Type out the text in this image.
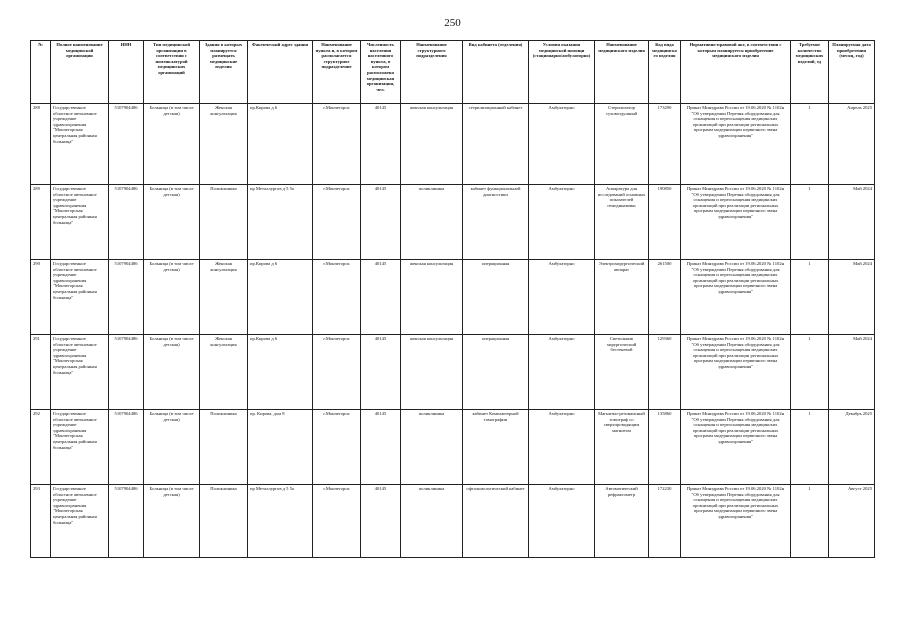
250
№	Полное наименование медицинской организации	ИНН	Тип медицинской организации в соответствии с номенклатурой медицинских организаций	Здания в которых планируется размещать медицинские изделия	Фактический адрес здания	Наименование пункта и, в котором располагается структурное подразделение	Численность населения населенного пункта, в котором расположена медицинская организация, чел.	Наименование структурного подразделения	Вид кабинета (отделения)	Условия оказания медицинской помощи (стационарно/амбулаторно)	Наименование медицинского изделия	Код вида медицинского изделия	Нормативно-правовой акт, в соответствии с которым планируется приобретение медицинского изделия	Требуемое количество медицинских изделий, ед	Планируемая дата приобретения (месяц, год)
288	Государственное областное автономное учреждение здравоохранения "Мончегорская центральная районная больница"	5107904486	Больница (в том числе детская)	Женская консультация	пр.Кирова д 6	г.Мончегорск	40145	женская консультация	стерилизационный кабинет	Амбулаторно	Стерилизатор суховоздушный	173290	Приказ Минздрава России от 19.06.2020 № 1102н "Об утверждении Перечня оборудования для оснащения и переоснащения медицинских организаций при реализации региональных программ модернизации первичного звена здравоохранения"	1	Апрель 2025
289	Государственное областное автономное учреждение здравоохранения "Мончегорская центральная районная больница"	5107904486	Больница (в том числе детская)	Поликлиника	пр Металлургов д 5 5а	г.Мончегорск	40145	поликлиника	кабинет функциональной диагностики	Амбулаторно	Аппаратура для исследований основных показателей гемодинамики	190850	Приказ Минздрава России от 19.06.2020 № 1102н "Об утверждении Перечня оборудования для оснащения и переоснащения медицинских организаций при реализации региональных программ модернизации первичного звена здравоохранения"	1	Май 2024
290	Государственное областное автономное учреждение здравоохранения "Мончегорская центральная районная больница"	5107904486	Больница (в том числе детская)	Женская консультация	пр.Кирова д 6	г.Мончегорск	40145	женская консультация	операционная	Амбулаторно	Электрохирургический аппарат	261500	Приказ Минздрава России от 19.06.2020 № 1102н "Об утверждении Перечня оборудования для оснащения и переоснащения медицинских организаций при реализации региональных программ модернизации первичного звена здравоохранения"	1	Май 2024
291	Государственное областное автономное учреждение здравоохранения "Мончегорская центральная районная больница"	5107904486	Больница (в том числе детская)	Женская консультация	пр.Кирова д 6	г.Мончегорск	40145	женская консультация	операционная	Амбулаторно	Светильник хирургический бестеневой	129360	Приказ Минздрава России от 19.06.2020 № 1102н "Об утверждении Перечня оборудования для оснащения и переоснащения медицинских организаций при реализации региональных программ модернизации первичного звена здравоохранения"	1	Май 2024
292	Государственное областное автономное учреждение здравоохранения "Мончегорская центральная районная больница"	5107904486	Больница (в том числе детская)	Поликлиника	пр. Кирова, дом 8	г.Мончегорск	40145	поликлиника	кабинет Компьютерной томографии	Амбулаторно	Магнитно-резонансный томограф со сверхпроводящим магнитом	135860	Приказ Минздрава России от 19.06.2020 № 1102н "Об утверждении Перечня оборудования для оснащения и переоснащения медицинских организаций при реализации региональных программ модернизации первичного звена здравоохранения"	1	Декабрь 2025
293	Государственное областное автономное учреждение здравоохранения "Мончегорская центральная районная больница"	5107904486	Больница (в том числе детская)	Поликлиника	пр Металлургов д 5 5а	г.Мончегорск	40145	поликлиника	офтальмологический кабинет	Амбулаторно	Автоматический рефрактометр	172230	Приказ Минздрава России от 19.06.2020 № 1102н "Об утверждении Перечня оборудования для оснащения и переоснащения медицинских организаций при реализации региональных программ модернизации первичного звена здравоохранения"	1	Август 2025
